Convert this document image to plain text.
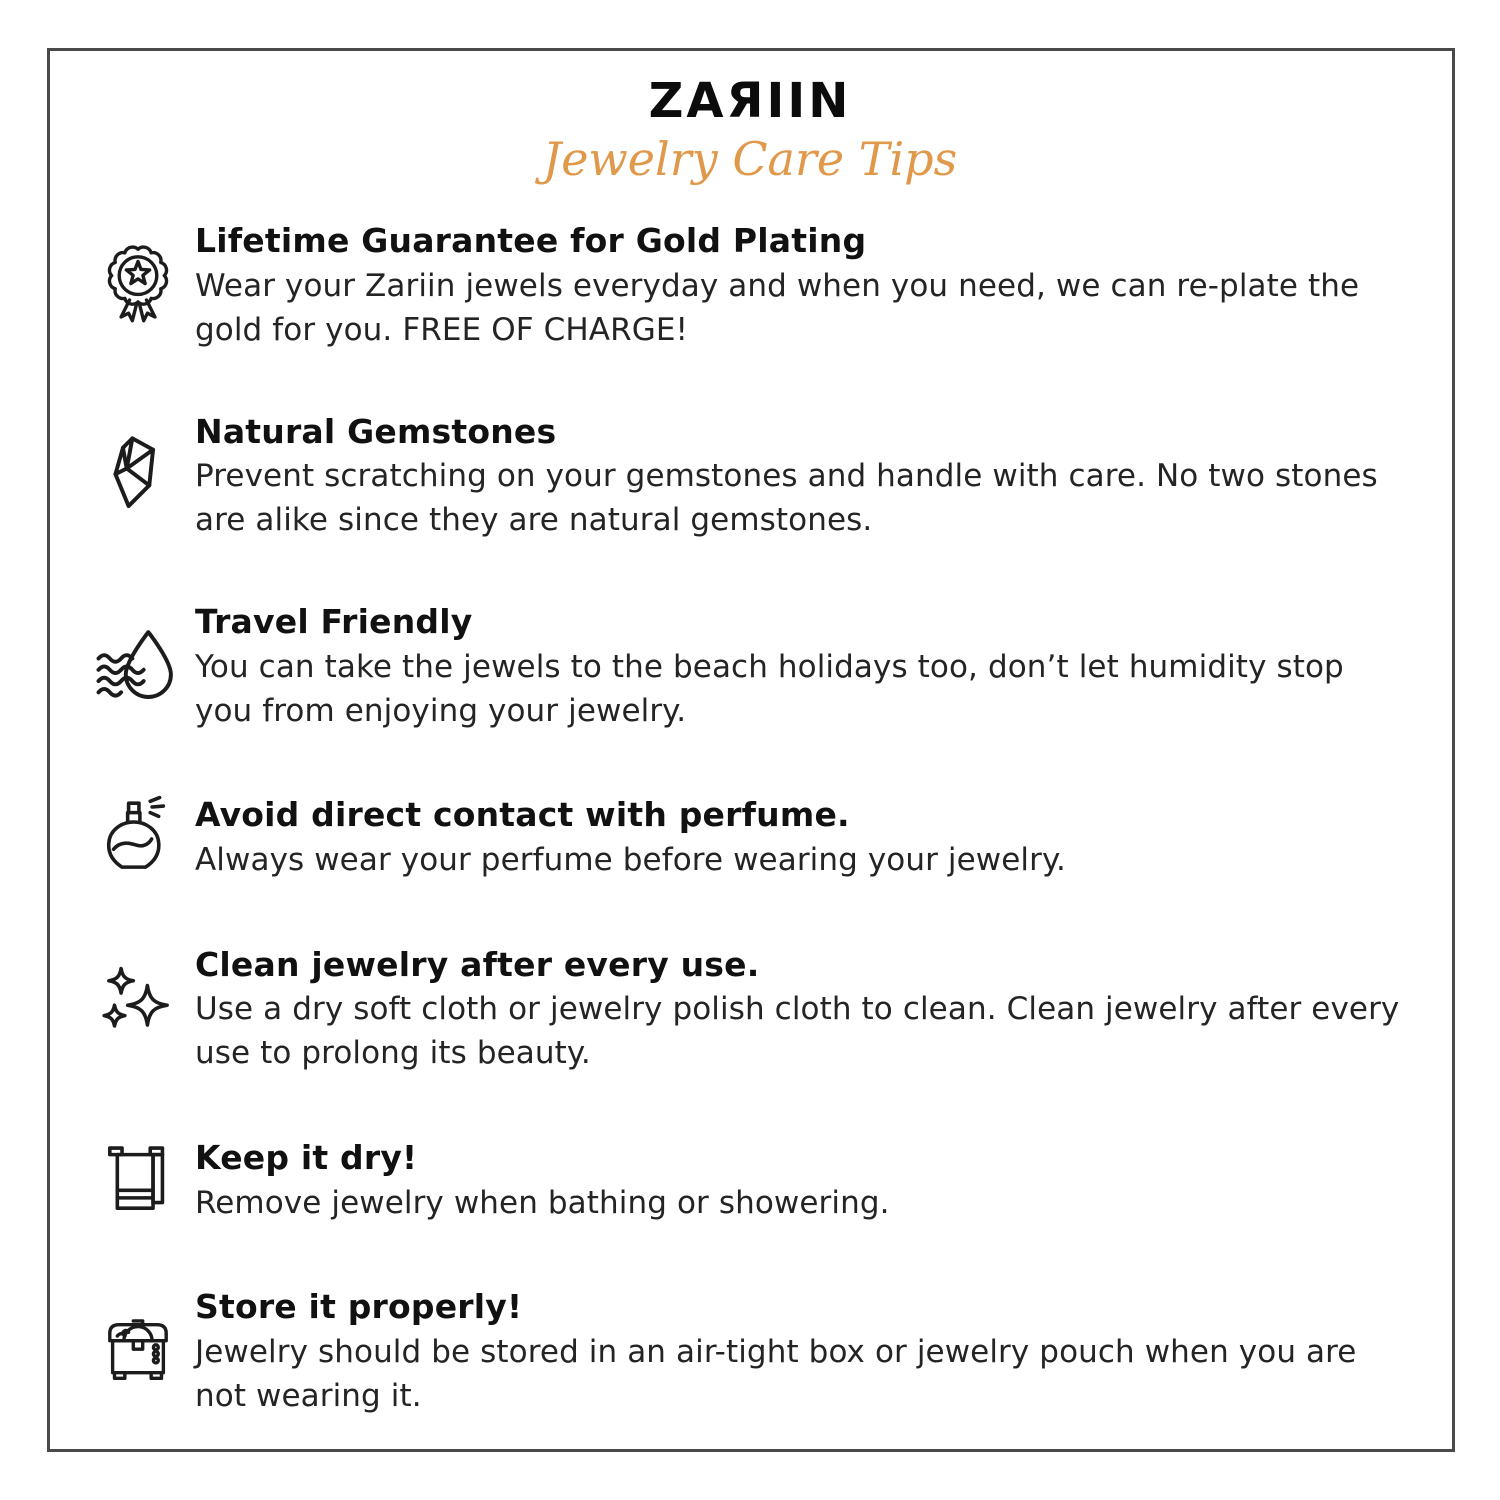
ZAЯIIN
Jewelry Care Tips
Lifetime Guarantee for Gold Plating
Wear your Zariin jewels everyday and when you need, we can re-plate the gold for you. FREE OF CHARGE!
Natural Gemstones
Prevent scratching on your gemstones and handle with care. No two stones are alike since they are natural gemstones.
Travel Friendly
You can take the jewels to the beach holidays too, don’t let humidity stop you from enjoying your jewelry.
Avoid direct contact with perfume.
Always wear your perfume before wearing your jewelry.
Clean jewelry after every use.
Use a dry soft cloth or jewelry polish cloth to clean. Clean jewelry after every use to prolong its beauty.
Keep it dry!
Remove jewelry when bathing or showering.
Store it properly!
Jewelry should be stored in an air-tight box or jewelry pouch when you are not wearing it.
